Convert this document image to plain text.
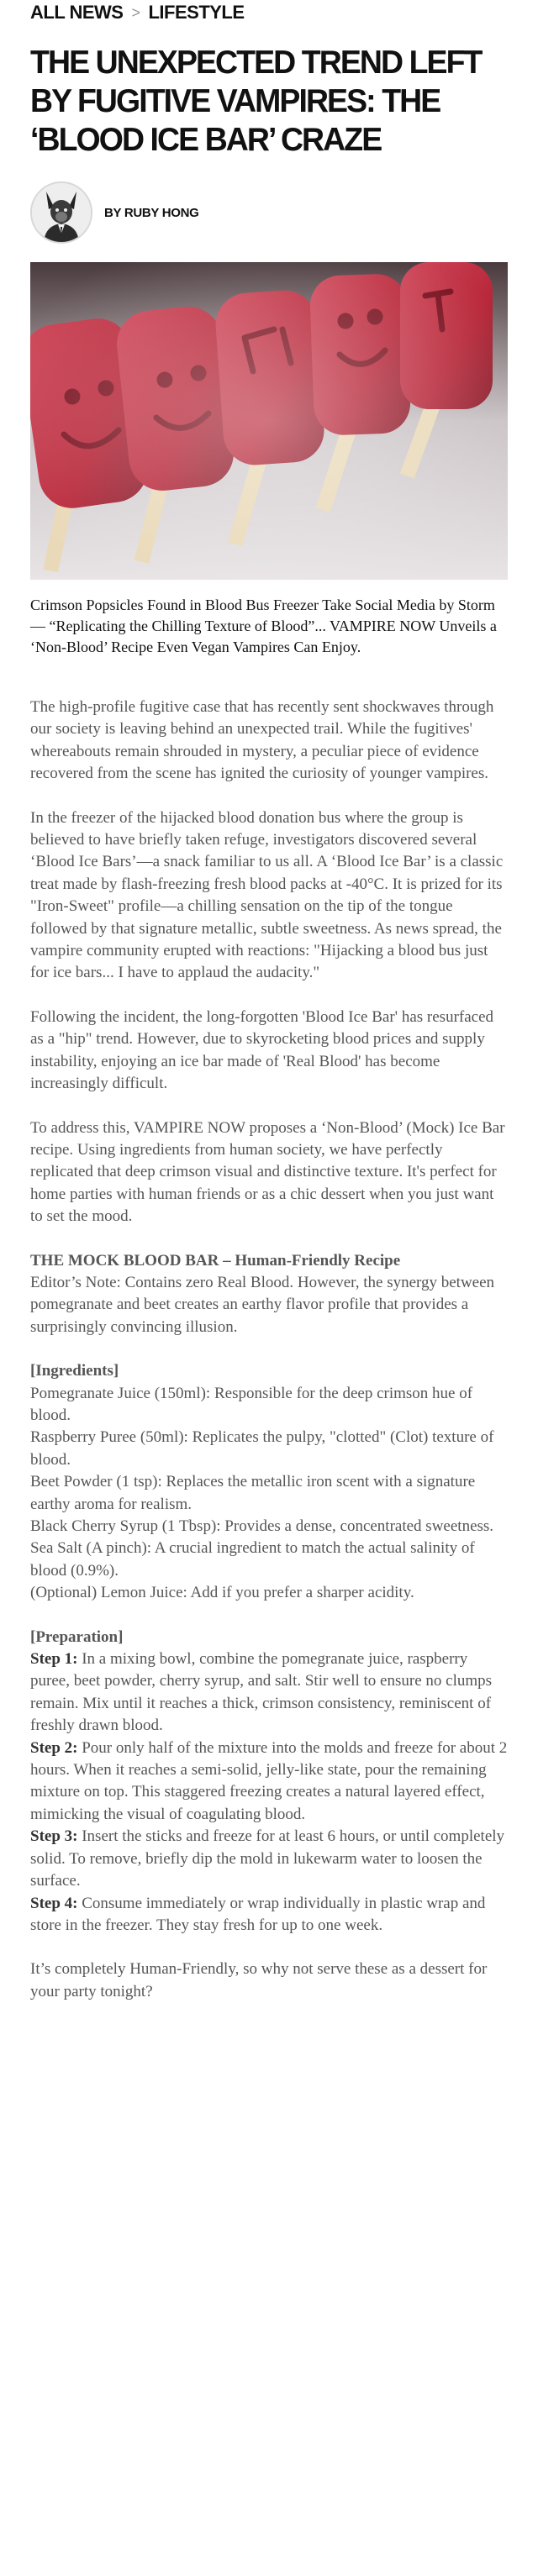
ALL NEWS > LIFESTYLE
THE UNEXPECTED TREND LEFT BY FUGITIVE VAMPIRES: THE ‘BLOOD ICE BAR’ CRAZE
BY RUBY HONG
Crimson Popsicles Found in Blood Bus Freezer Take Social Media by Storm — “Replicating the Chilling Texture of Blood”... VAMPIRE NOW Unveils a ‘Non-Blood’ Recipe Even Vegan Vampires Can Enjoy.

The high-profile fugitive case that has recently sent shockwaves through our society is leaving behind an unexpected trail. While the fugitives' whereabouts remain shrouded in mystery, a peculiar piece of evidence recovered from the scene has ignited the curiosity of younger vampires.

In the freezer of the hijacked blood donation bus where the group is believed to have briefly taken refuge, investigators discovered several ‘Blood Ice Bars’—a snack familiar to us all. A ‘Blood Ice Bar’ is a classic treat made by flash-freezing fresh blood packs at -40°C. It is prized for its "Iron-Sweet" profile—a chilling sensation on the tip of the tongue followed by that signature metallic, subtle sweetness. As news spread, the vampire community erupted with reactions: "Hijacking a blood bus just for ice bars... I have to applaud the audacity."

Following the incident, the long-forgotten 'Blood Ice Bar' has resurfaced as a "hip" trend. However, due to skyrocketing blood prices and supply instability, enjoying an ice bar made of 'Real Blood' has become increasingly difficult.

To address this, VAMPIRE NOW proposes a ‘Non-Blood’ (Mock) Ice Bar recipe. Using ingredients from human society, we have perfectly replicated that deep crimson visual and distinctive texture. It's perfect for home parties with human friends or as a chic dessert when you just want to set the mood.

THE MOCK BLOOD BAR – Human-Friendly Recipe
Editor’s Note: Contains zero Real Blood. However, the synergy between pomegranate and beet creates an earthy flavor profile that provides a surprisingly convincing illusion.
[Ingredients]
Pomegranate Juice (150ml): Responsible for the deep crimson hue of blood.
Raspberry Puree (50ml): Replicates the pulpy, "clotted" (Clot) texture of blood.
Beet Powder (1 tsp): Replaces the metallic iron scent with a signature earthy aroma for realism.
Black Cherry Syrup (1 Tbsp): Provides a dense, concentrated sweetness.
Sea Salt (A pinch): A crucial ingredient to match the actual salinity of blood (0.9%).
(Optional) Lemon Juice: Add if you prefer a sharper acidity.
[Preparation]
Step 1: In a mixing bowl, combine the pomegranate juice, raspberry puree, beet powder, cherry syrup, and salt. Stir well to ensure no clumps remain. Mix until it reaches a thick, crimson consistency, reminiscent of freshly drawn blood.
Step 2: Pour only half of the mixture into the molds and freeze for about 2 hours. When it reaches a semi-solid, jelly-like state, pour the remaining mixture on top. This staggered freezing creates a natural layered effect, mimicking the visual of coagulating blood.
Step 3: Insert the sticks and freeze for at least 6 hours, or until completely solid. To remove, briefly dip the mold in lukewarm water to loosen the surface.
Step 4: Consume immediately or wrap individually in plastic wrap and store in the freezer. They stay fresh for up to one week.

It’s completely Human-Friendly, so why not serve these as a dessert for your party tonight?
